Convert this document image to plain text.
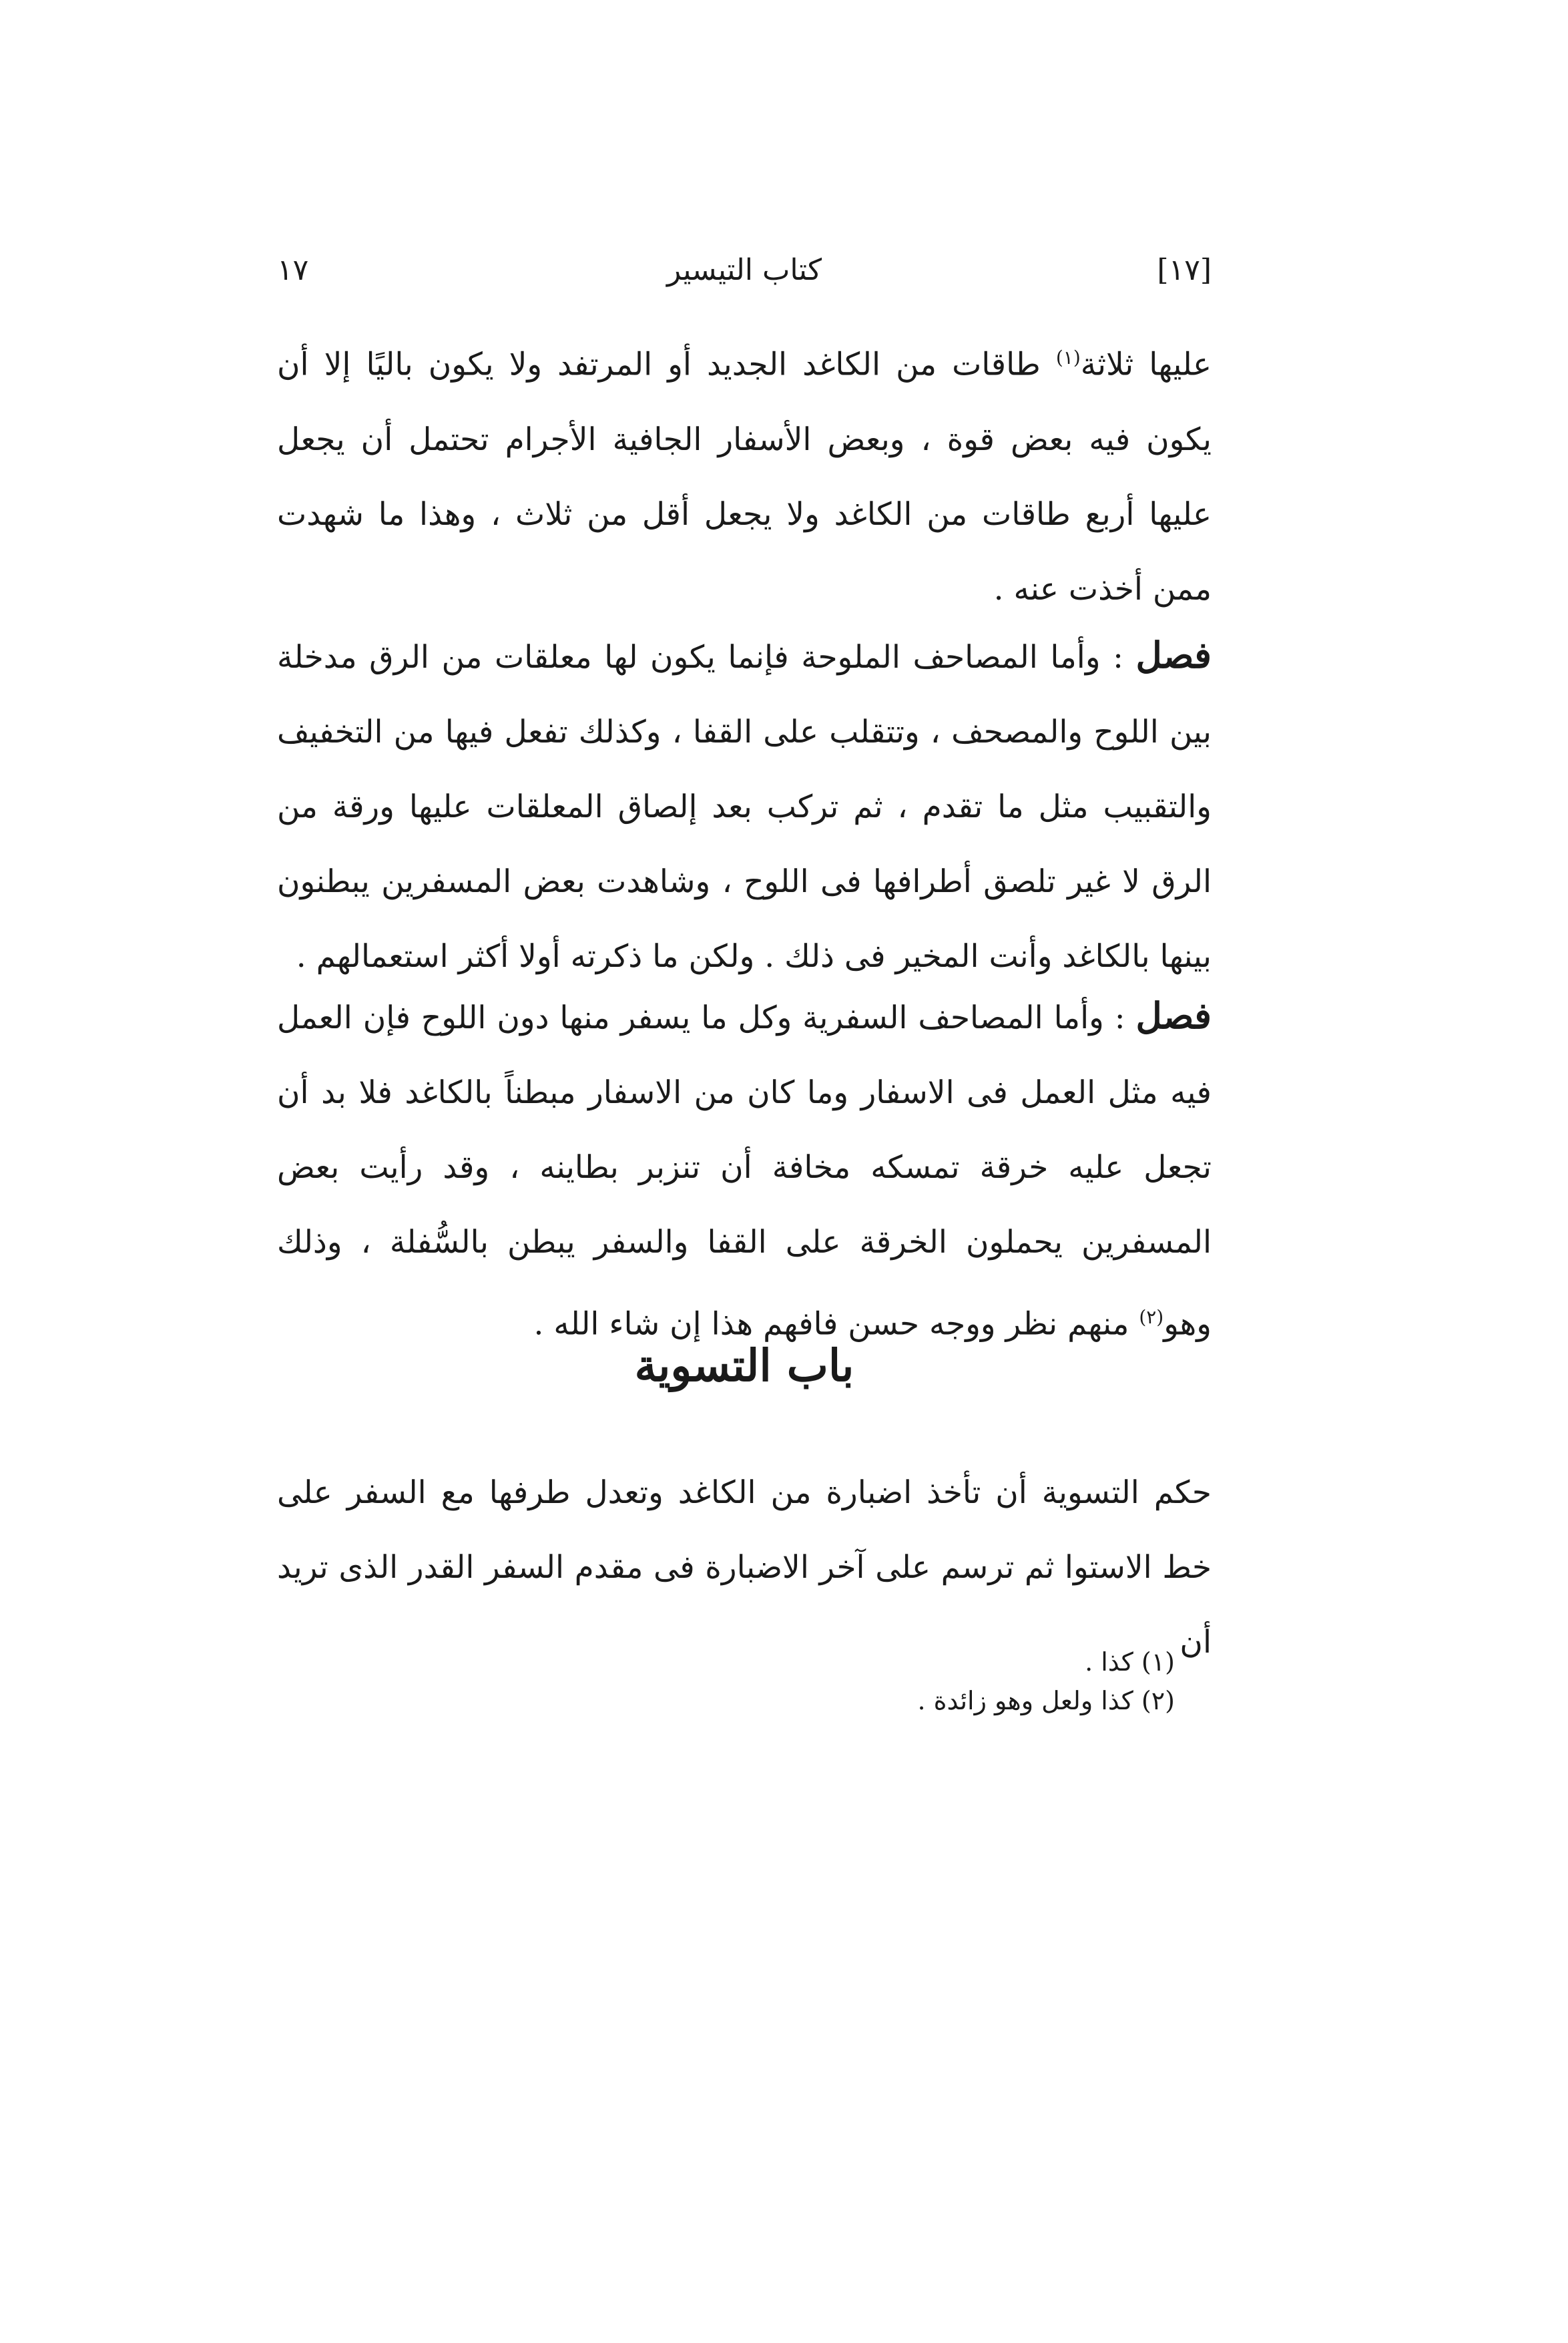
١٧	كتاب التيسير	[١٧]

عليها ثلاثة$^{(١)}$ طاقات من الكاغد الجديد أو المرتفد ولا يكون باليًا إلا أن يكون فيه بعض قوة ، وبعض الأسفار الجافية الأجرام تحتمل أن يجعل عليها أربع طاقات من الكاغد ولا يجعل أقل من ثلاث ، وهذا ما شهدت ممن أخذت عنه .

فصل : وأما المصاحف الملوحة فإنما يكون لها معلقات من الرق مدخلة بين اللوح والمصحف ، وتتقلب على القفا ، وكذلك تفعل فيها من التخفيف والتقبيب مثل ما تقدم ، ثم تركب بعد إلصاق المعلقات عليها ورقة من الرق لا غير تلصق أطرافها فى اللوح ، وشاهدت بعض المسفرين يبطنون بينها بالكاغد وأنت المخير فى ذلك . ولكن ما ذكرته أولا أكثر استعمالهم .

فصل : وأما المصاحف السفرية وكل ما يسفر منها دون اللوح فإن العمل فيه مثل العمل فى الاسفار وما كان من الاسفار مبطناً بالكاغد فلا بد أن تجعل عليه خرقة تمسكه مخافة أن تنزبر بطاينه ، وقد رأيت بعض المسفرين يحملون الخرقة على القفا والسفر يبطن بالسُّفلة ، وذلك وهو$^{(٢)}$ منهم نظر ووجه حسن فافهم هذا إن شاء الله .

باب التسوية

حكم التسوية أن تأخذ اضبارة من الكاغد وتعدل طرفها مع السفر على خط الاستوا ثم ترسم على آخر الاضبارة فى مقدم السفر القدر الذى تريد أن

(١) كذا .
(٢) كذا ولعل وهو زائدة .
